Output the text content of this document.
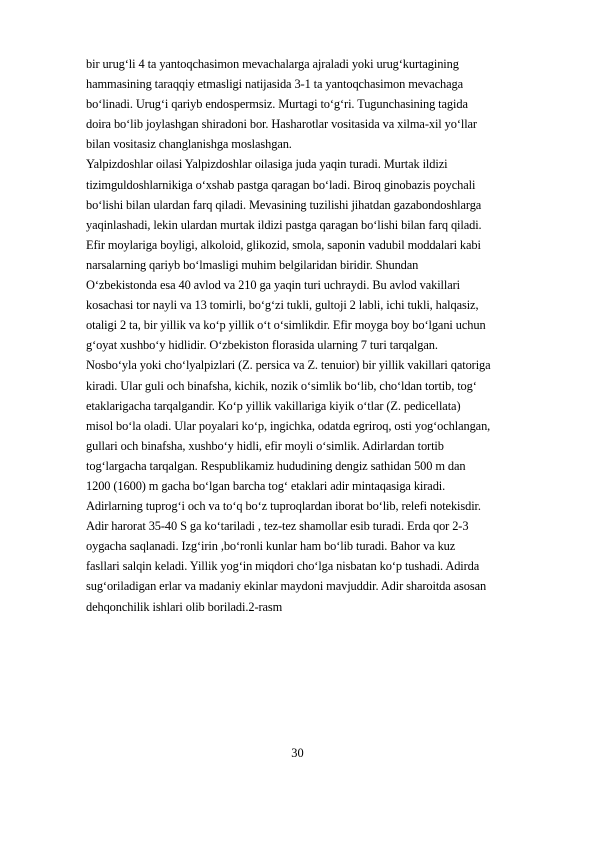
bir urug‘li 4 ta yantoqchasimon mevachalarga ajraladi yoki urug‘kurtagining
hammasining taraqqiy etmasligi natijasida 3-1 ta yantoqchasimon mevachaga
bo‘linadi. Urug‘i qariyb endospermsiz. Murtagi to‘g‘ri. Tugunchasining tagida
doira bo‘lib joylashgan shiradoni bor. Hasharotlar vositasida va xilma-xil yo‘llar
bilan vositasiz changlanishga moslashgan.
Yalpizdoshlar oilasi Yalpizdoshlar oilasiga juda yaqin turadi. Murtak ildizi
tizimguldoshlarnikiga o‘xshab pastga qaragan bo‘ladi. Biroq ginobazis poychali
bo‘lishi bilan ulardan farq qiladi. Mevasining tuzilishi jihatdan gazabondoshlarga
yaqinlashadi, lekin ulardan murtak ildizi pastga qaragan bo‘lishi bilan farq qiladi.
Efir moylariga boyligi, alkoloid, glikozid, smola, saponin vadubil moddalari kabi
narsalarning qariyb bo‘lmasligi muhim belgilaridan biridir. Shundan
O‘zbekistonda esa 40 avlod va 210 ga yaqin turi uchraydi. Bu avlod vakillari
kosachasi tor nayli va 13 tomirli, bo‘g‘zi tukli, gultoji 2 labli, ichi tukli, halqasiz,
otaligi 2 ta, bir yillik va ko‘p yillik o‘t o‘simlikdir. Efir moyga boy bo‘lgani uchun
g‘oyat xushbo‘y hidlidir. O‘zbekiston florasida ularning 7 turi tarqalgan.
Nosbo‘yla yoki cho‘lyalpizlari (Z. persica va Z. tenuior) bir yillik vakillari qatoriga
kiradi. Ular guli och binafsha, kichik, nozik o‘simlik bo‘lib, cho‘ldan tortib, tog‘
etaklarigacha tarqalgandir. Ko‘p yillik vakillariga kiyik o‘tlar (Z. pedicellata)
misol bo‘la oladi. Ular poyalari ko‘p, ingichka, odatda egriroq, osti yog‘ochlangan,
gullari och binafsha, xushbo‘y hidli, efir moyli o‘simlik. Adirlardan tortib
tog‘largacha tarqalgan. Respublikamiz hududining dengiz sathidan 500 m dan
1200 (1600) m gacha bo‘lgan barcha tog‘ etaklari adir mintaqasiga kiradi.
Adirlarning tuprog‘i och va to‘q bo‘z tuproqlardan iborat bo‘lib, relefi notekisdir.
Adir harorat 35-40 S ga ko‘tariladi , tez-tez shamollar esib turadi. Erda qor 2-3
oygacha saqlanadi. Izg‘irin ,bo‘ronli kunlar ham bo‘lib turadi. Bahor va kuz
fasllari salqin keladi. Yillik yog‘in miqdori cho‘lga nisbatan ko‘p tushadi. Adirda
sug‘oriladigan erlar va madaniy ekinlar maydoni mavjuddir. Adir sharoitda asosan
dehqonchilik ishlari olib boriladi.2-rasm
30
